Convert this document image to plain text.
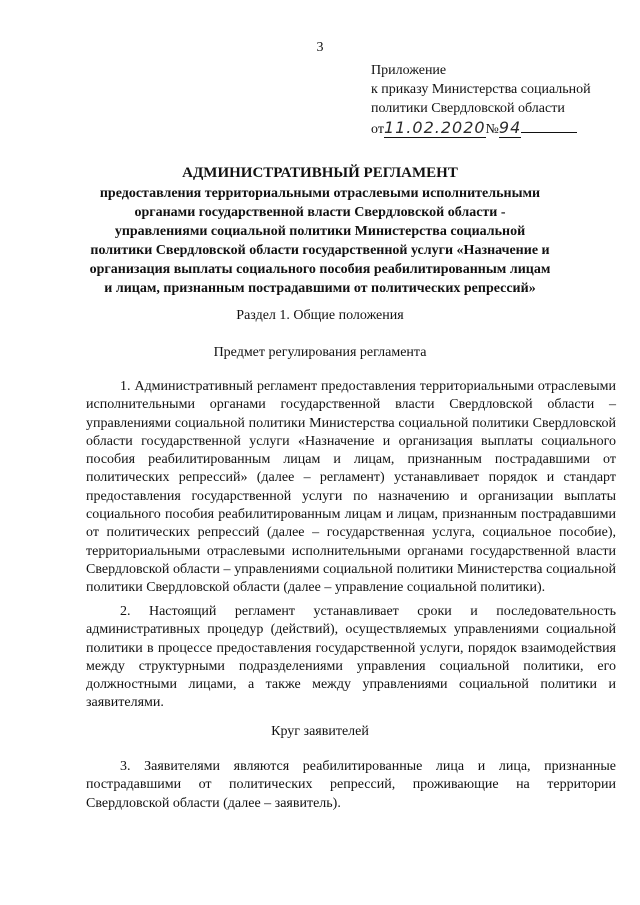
3
Приложение
к приказу Министерства социальной
политики Свердловской области
от11.02.2020№94
АДМИНИСТРАТИВНЫЙ РЕГЛАМЕНТ
предоставления территориальными отраслевыми исполнительными органами государственной власти Свердловской области - управлениями социальной политики Министерства социальной политики Свердловской области государственной услуги «Назначение и организация выплаты социального пособия реабилитированным лицам и лицам, признанным пострадавшими от политических репрессий»
Раздел 1. Общие положения
Предмет регулирования регламента
1. Административный регламент предоставления территориальными отраслевыми исполнительными органами государственной власти Свердловской области – управлениями социальной политики Министерства социальной политики Свердловской области государственной услуги «Назначение и организация выплаты социального пособия реабилитированным лицам и лицам, признанным пострадавшими от политических репрессий» (далее – регламент) устанавливает порядок и стандарт предоставления государственной услуги по назначению и организации выплаты социального пособия реабилитированным лицам и лицам, признанным пострадавшими от политических репрессий (далее – государственная услуга, социальное пособие), территориальными отраслевыми исполнительными органами государственной власти Свердловской области – управлениями социальной политики Министерства социальной политики Свердловской области (далее – управление социальной политики).
2. Настоящий регламент устанавливает сроки и последовательность административных процедур (действий), осуществляемых управлениями социальной политики в процессе предоставления государственной услуги, порядок взаимодействия между структурными подразделениями управления социальной политики, его должностными лицами, а также между управлениями социальной политики и заявителями.
Круг заявителей
3. Заявителями являются реабилитированные лица и лица, признанные пострадавшими от политических репрессий, проживающие на территории Свердловской области (далее – заявитель).
